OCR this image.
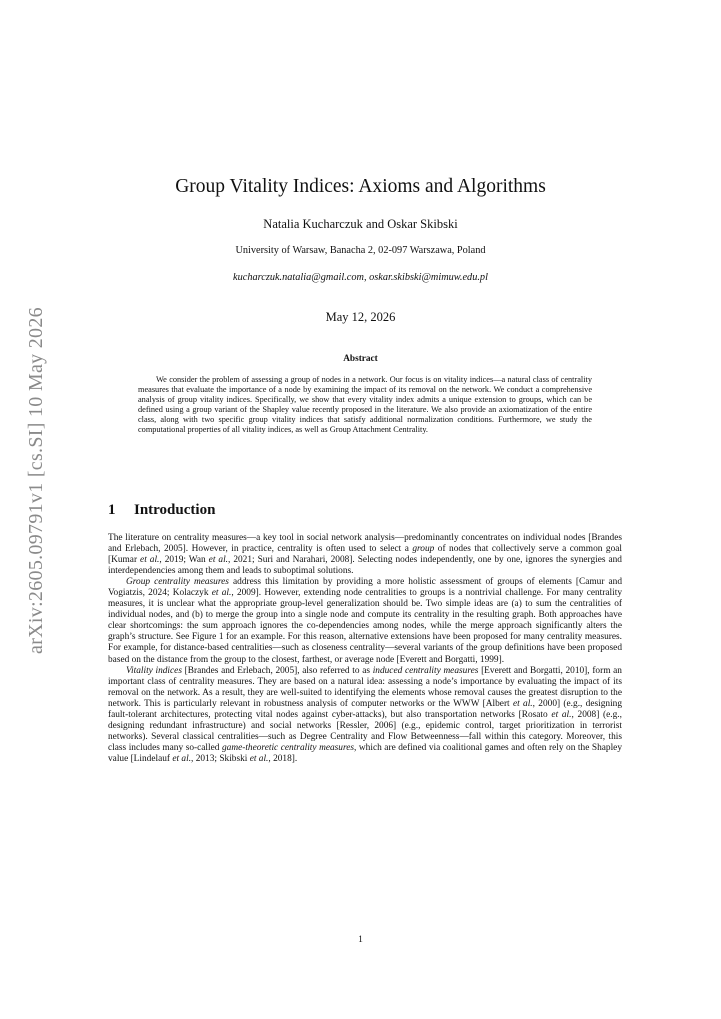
arXiv:2605.09791v1 [cs.SI] 10 May 2026
Group Vitality Indices: Axioms and Algorithms
Natalia Kucharczuk and Oskar Skibski
University of Warsaw, Banacha 2, 02-097 Warszawa, Poland
kucharczuk.natalia@gmail.com, oskar.skibski@mimuw.edu.pl
May 12, 2026
Abstract

We consider the problem of assessing a group of nodes in a network. Our focus is on vitality indices—a natural class of centrality measures that evaluate the importance of a node by examining the impact of its removal on the network. We conduct a comprehensive analysis of group vitality indices. Specifically, we show that every vitality index admits a unique extension to groups, which can be defined using a group variant of the Shapley value recently proposed in the literature. We also provide an axiomatization of the entire class, along with two specific group vitality indices that satisfy additional normalization conditions. Furthermore, we study the computational properties of all vitality indices, as well as Group Attachment Centrality.

1 Introduction

The literature on centrality measures—a key tool in social network analysis—predominantly concentrates on individual nodes [Brandes and Erlebach, 2005]. However, in practice, centrality is often used to select a group of nodes that collectively serve a common goal [Kumar et al., 2019; Wan et al., 2021; Suri and Narahari, 2008]. Selecting nodes independently, one by one, ignores the synergies and interdependencies among them and leads to suboptimal solutions.

Group centrality measures address this limitation by providing a more holistic assessment of groups of elements [Camur and Vogiatzis, 2024; Kolaczyk et al., 2009]. However, extending node centralities to groups is a nontrivial challenge. For many centrality measures, it is unclear what the appropriate group-level generalization should be. Two simple ideas are (a) to sum the centralities of individual nodes, and (b) to merge the group into a single node and compute its centrality in the resulting graph. Both approaches have clear shortcomings: the sum approach ignores the co-dependencies among nodes, while the merge approach significantly alters the graph’s structure. See Figure 1 for an example. For this reason, alternative extensions have been proposed for many centrality measures. For example, for distance-based centralities—such as closeness centrality—several variants of the group definitions have been proposed based on the distance from the group to the closest, farthest, or average node [Everett and Borgatti, 1999].

Vitality indices [Brandes and Erlebach, 2005], also referred to as induced centrality measures [Everett and Borgatti, 2010], form an important class of centrality measures. They are based on a natural idea: assessing a node’s importance by evaluating the impact of its removal on the network. As a result, they are well-suited to identifying the elements whose removal causes the greatest disruption to the network. This is particularly relevant in robustness analysis of computer networks or the WWW [Albert et al., 2000] (e.g., designing fault-tolerant architectures, protecting vital nodes against cyber-attacks), but also transportation networks [Rosato et al., 2008] (e.g., designing redundant infrastructure) and social networks [Ressler, 2006] (e.g., epidemic control, target prioritization in terrorist networks). Several classical centralities—such as Degree Centrality and Flow Betweenness—fall within this category. Moreover, this class includes many so-called game-theoretic centrality measures, which are defined via coalitional games and often rely on the Shapley value [Lindelauf et al., 2013; Skibski et al., 2018].

1
